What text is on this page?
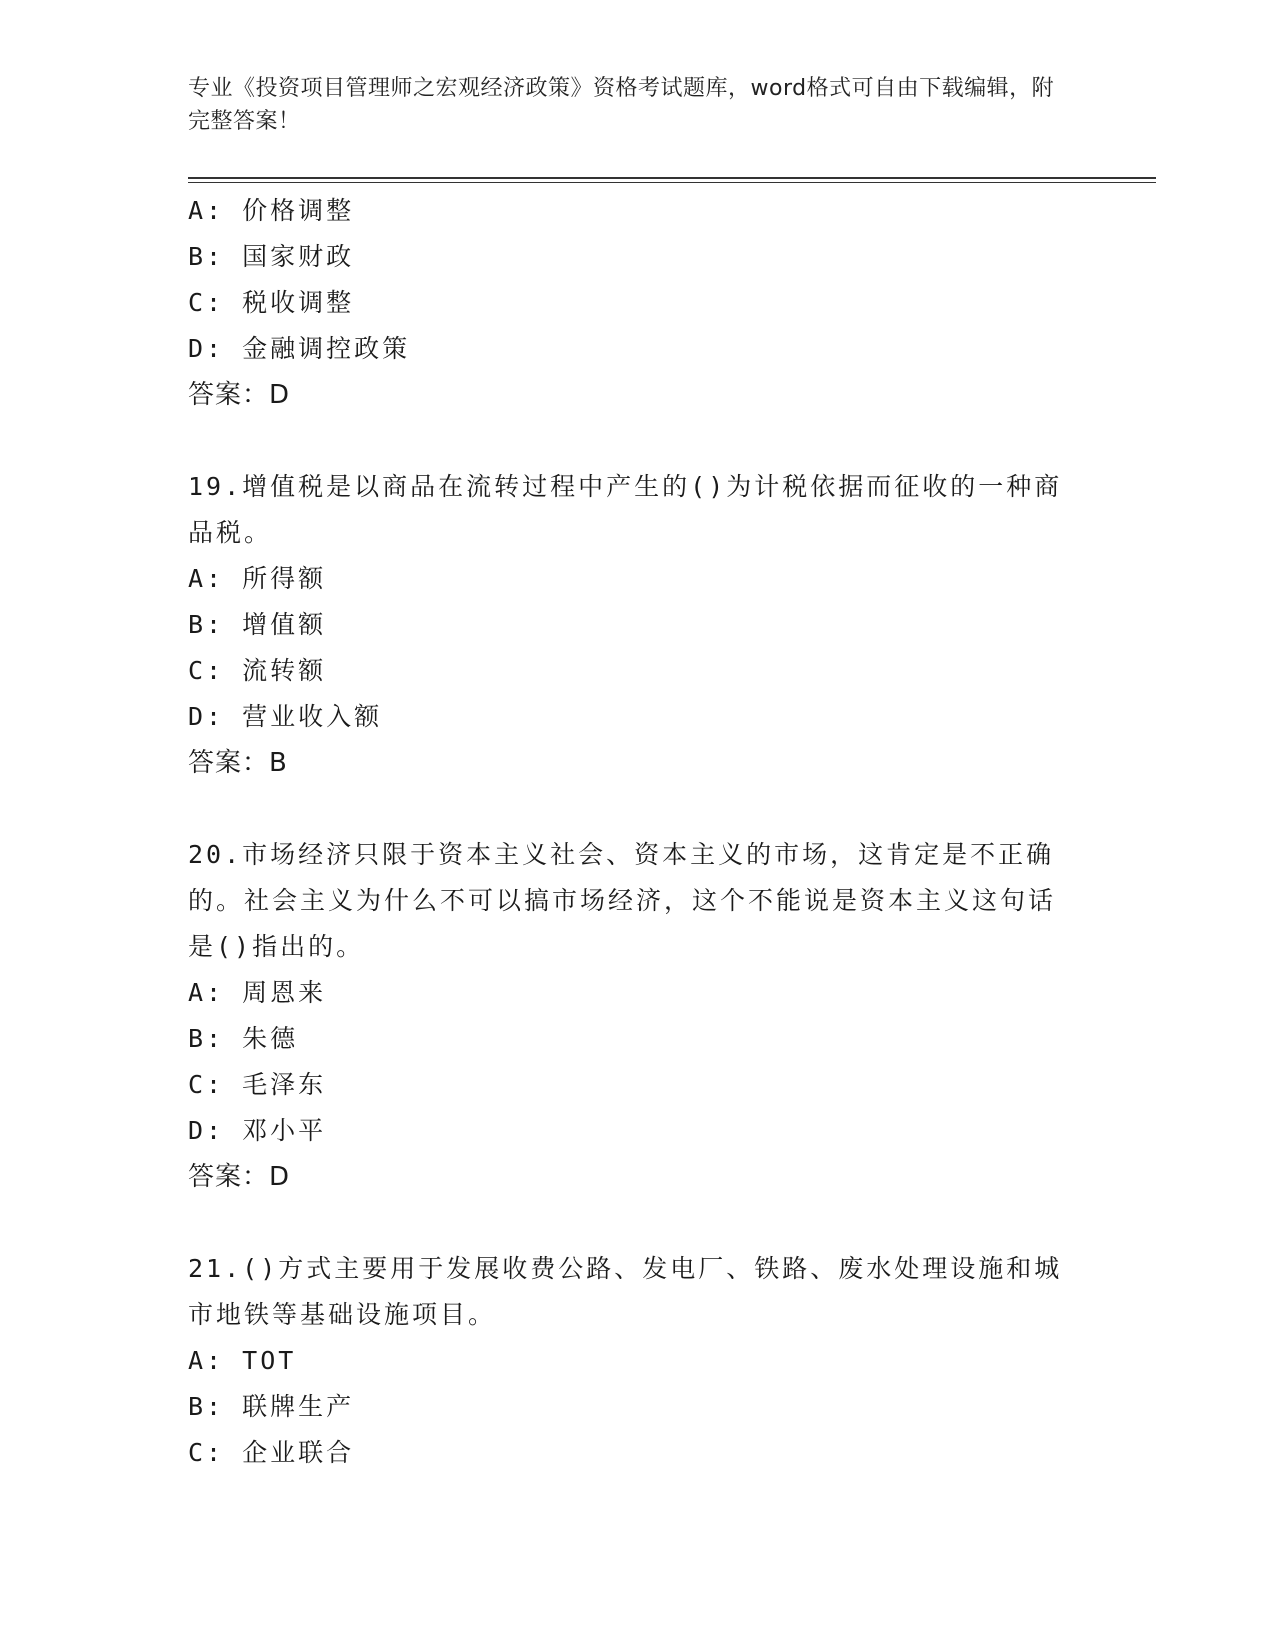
专业《投资项目管理师之宏观经济政策》资格考试题库，word格式可自由下载编辑，附完整答案！
A: 价格调整
B: 国家财政
C: 税收调整
D: 金融调控政策
答案：D
19.增值税是以商品在流转过程中产生的()为计税依据而征收的一种商品税。
A: 所得额
B: 增值额
C: 流转额
D: 营业收入额
答案：B
20.市场经济只限于资本主义社会、资本主义的市场，这肯定是不正确的。社会主义为什么不可以搞市场经济，这个不能说是资本主义这句话是()指出的。
A: 周恩来
B: 朱德
C: 毛泽东
D: 邓小平
答案：D
21.()方式主要用于发展收费公路、发电厂、铁路、废水处理设施和城市地铁等基础设施项目。
A: TOT
B: 联牌生产
C: 企业联合
